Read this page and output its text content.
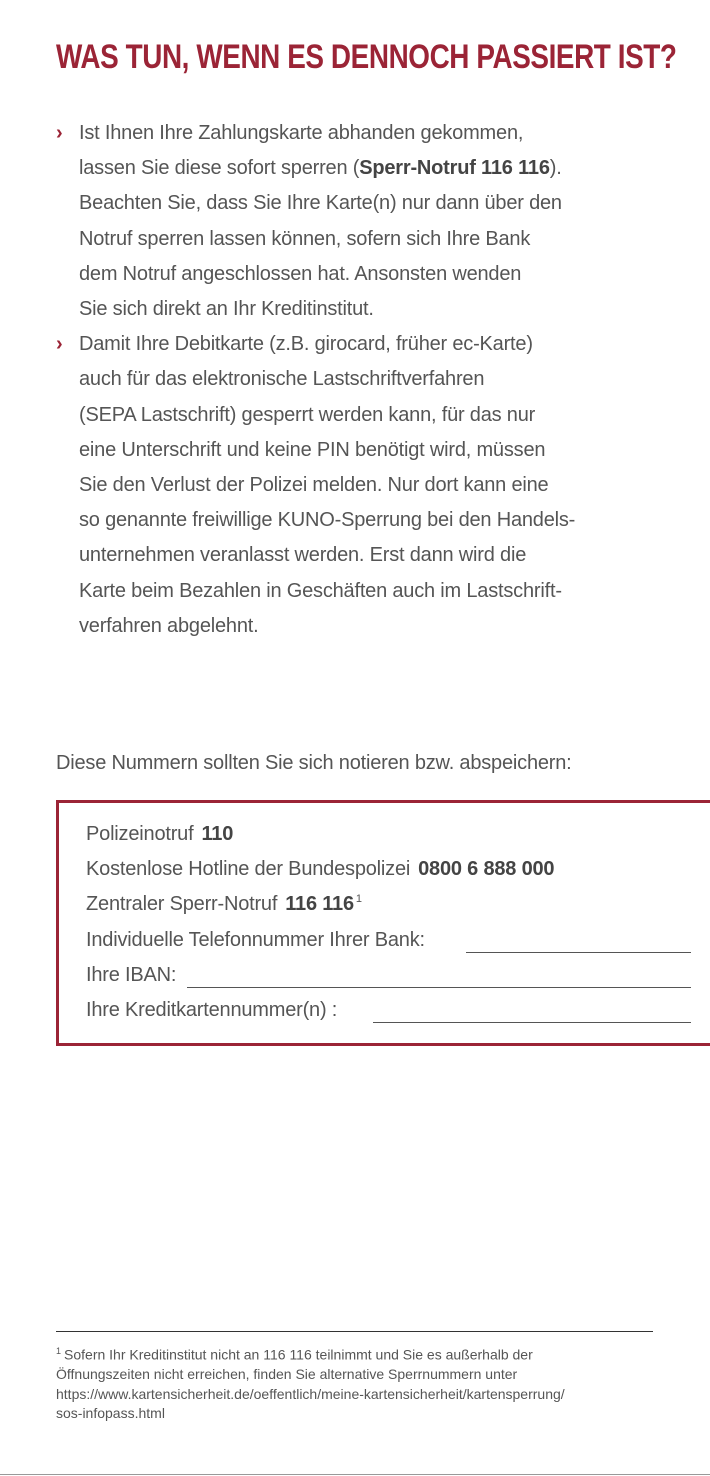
WAS TUN, WENN ES DENNOCH PASSIERT IST?
› Ist Ihnen Ihre Zahlungskarte abhanden gekommen,
lassen Sie diese sofort sperren (Sperr-Notruf 116 116).
Beachten Sie, dass Sie Ihre Karte(n) nur dann über den
Notruf sperren lassen können, sofern sich Ihre Bank
dem Notruf angeschlossen hat. Ansonsten wenden
Sie sich direkt an Ihr Kreditinstitut.
› Damit Ihre Debitkarte (z.B. girocard, früher ec-Karte)
auch für das elektronische Lastschriftverfahren
(SEPA Lastschrift) gesperrt werden kann, für das nur
eine Unterschrift und keine PIN benötigt wird, müssen
Sie den Verlust der Polizei melden. Nur dort kann eine
so genannte freiwillige KUNO-Sperrung bei den Handels-
unternehmen veranlasst werden. Erst dann wird die
Karte beim Bezahlen in Geschäften auch im Lastschrift-
verfahren abgelehnt.
Diese Nummern sollten Sie sich notieren bzw. abspeichern:
Polizeinotruf 110
Kostenlose Hotline der Bundespolizei 0800 6 888 000
Zentraler Sperr-Notruf 116 116 $^1$
Individuelle Telefonnummer Ihrer Bank:
Ihre IBAN:
Ihre Kreditkartennummer(n) :
$^1$ Sofern Ihr Kreditinstitut nicht an 116 116 teilnimmt und Sie es außerhalb der
Öffnungszeiten nicht erreichen, finden Sie alternative Sperrnummern unter
https://www.kartensicherheit.de/oeffentlich/meine-kartensicherheit/kartensperrung/
sos-infopass.html
